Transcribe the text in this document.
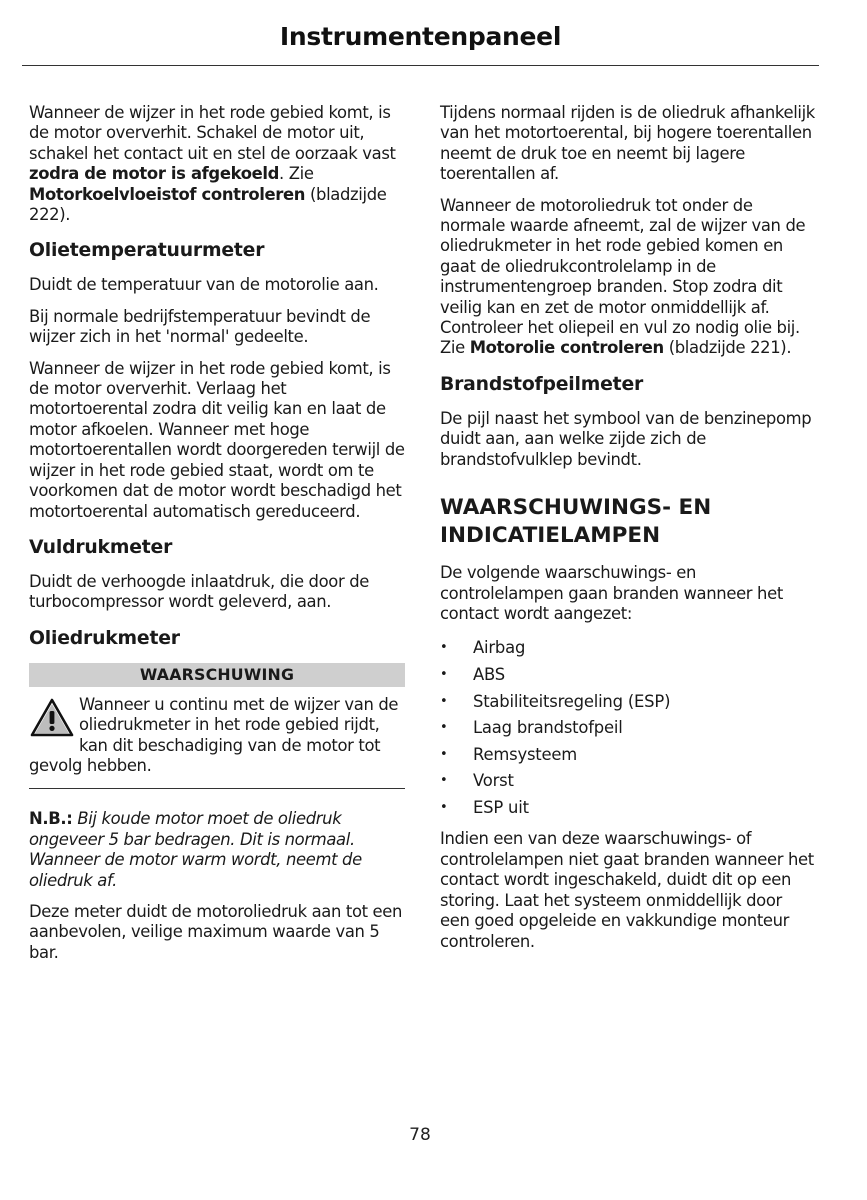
Instrumentenpaneel

Wanneer de wijzer in het rode gebied komt, is de motor oververhit. Schakel de motor uit, schakel het contact uit en stel de oorzaak vast zodra de motor is afgekoeld. Zie Motorkoelvloeistof controleren (bladzijde 222).

Olietemperatuurmeter

Duidt de temperatuur van de motorolie aan.

Bij normale bedrijfstemperatuur bevindt de wijzer zich in het 'normal' gedeelte.

Wanneer de wijzer in het rode gebied komt, is de motor oververhit. Verlaag het motortoerental zodra dit veilig kan en laat de motor afkoelen. Wanneer met hoge motortoerentallen wordt doorgereden terwijl de wijzer in het rode gebied staat, wordt om te voorkomen dat de motor wordt beschadigd het motortoerental automatisch gereduceerd.

Vuldrukmeter

Duidt de verhoogde inlaatdruk, die door de turbocompressor wordt geleverd, aan.

Oliedrukmeter
WAARSCHUWING
Wanneer u continu met de wijzer van de oliedrukmeter in het rode gebied rijdt, kan dit beschadiging van de motor tot gevolg hebben.

N.B.: Bij koude motor moet de oliedruk ongeveer 5 bar bedragen. Dit is normaal. Wanneer de motor warm wordt, neemt de oliedruk af.

Deze meter duidt de motoroliedruk aan tot een aanbevolen, veilige maximum waarde van 5 bar.

Tijdens normaal rijden is de oliedruk afhankelijk van het motortoerental, bij hogere toerentallen neemt de druk toe en neemt bij lagere toerentallen af.

Wanneer de motoroliedruk tot onder de normale waarde afneemt, zal de wijzer van de oliedrukmeter in het rode gebied komen en gaat de oliedrukcontrolelamp in de instrumentengroep branden. Stop zodra dit veilig kan en zet de motor onmiddellijk af. Controleer het oliepeil en vul zo nodig olie bij. Zie Motorolie controleren (bladzijde 221).

Brandstofpeilmeter

De pijl naast het symbool van de benzinepomp duidt aan, aan welke zijde zich de brandstofvulklep bevindt.

WAARSCHUWINGS- EN
INDICATIELAMPEN

De volgende waarschuwings- en controlelampen gaan branden wanneer het contact wordt aangezet:

• Airbag
• ABS
• Stabiliteitsregeling (ESP)
• Laag brandstofpeil
• Remsysteem
• Vorst
• ESP uit

Indien een van deze waarschuwings- of controlelampen niet gaat branden wanneer het contact wordt ingeschakeld, duidt dit op een storing. Laat het systeem onmiddellijk door een goed opgeleide en vakkundige monteur controleren.

78
